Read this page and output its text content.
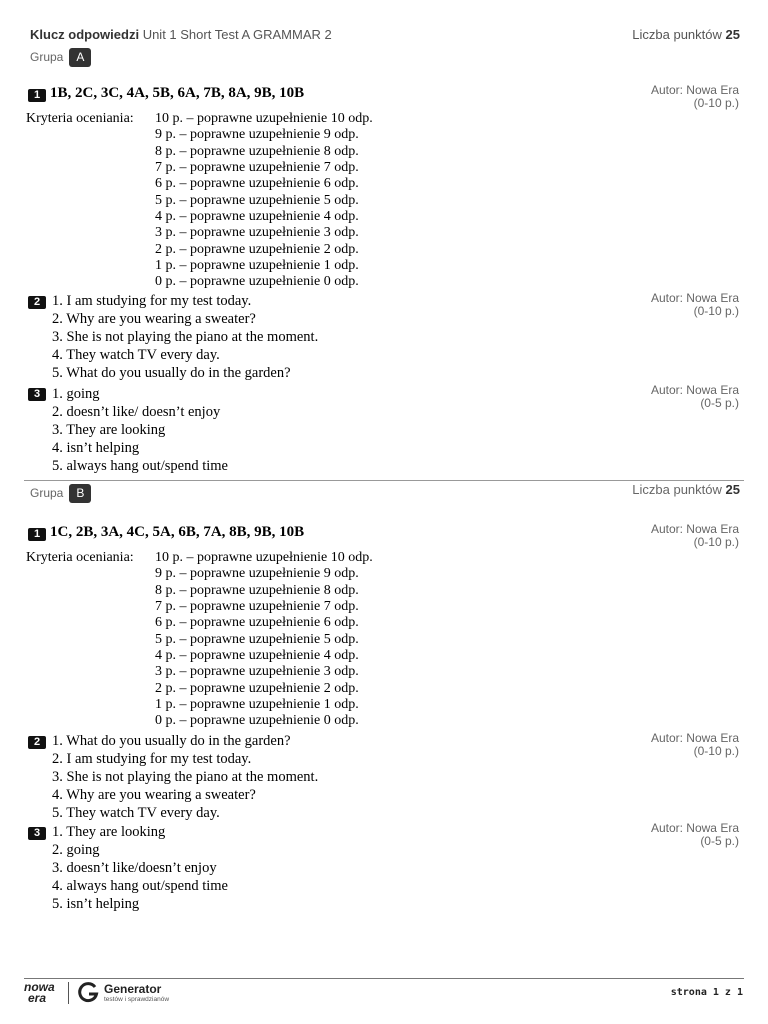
Klucz odpowiedzi Unit 1 Short Test A GRAMMAR 2	Liczba punktów 25
Grupa A
1 1B, 2C, 3C, 4A, 5B, 6A, 7B, 8A, 9B, 10B	Autor: Nowa Era
(0-10 p.)
Kryteria oceniania: 10 p. – poprawne uzupełnienie 10 odp.
9 p. – poprawne uzupełnienie 9 odp.
8 p. – poprawne uzupełnienie 8 odp.
7 p. – poprawne uzupełnienie 7 odp.
6 p. – poprawne uzupełnienie 6 odp.
5 p. – poprawne uzupełnienie 5 odp.
4 p. – poprawne uzupełnienie 4 odp.
3 p. – poprawne uzupełnienie 3 odp.
2 p. – poprawne uzupełnienie 2 odp.
1 p. – poprawne uzupełnienie 1 odp.
0 p. – poprawne uzupełnienie 0 odp.
2	Autor: Nowa Era
(0-10 p.)
1. I am studying for my test today.
2. Why are you wearing a sweater?
3. She is not playing the piano at the moment.
4. They watch TV every day.
5. What do you usually do in the garden?
3	Autor: Nowa Era
(0-5 p.)
1. going
2. doesn’t like/ doesn’t enjoy
3. They are looking
4. isn’t helping
5. always hang out/spend time
Grupa B	Liczba punktów 25
1 1C, 2B, 3A, 4C, 5A, 6B, 7A, 8B, 9B, 10B	Autor: Nowa Era
(0-10 p.)
Kryteria oceniania: 10 p. – poprawne uzupełnienie 10 odp.
9 p. – poprawne uzupełnienie 9 odp.
8 p. – poprawne uzupełnienie 8 odp.
7 p. – poprawne uzupełnienie 7 odp.
6 p. – poprawne uzupełnienie 6 odp.
5 p. – poprawne uzupełnienie 5 odp.
4 p. – poprawne uzupełnienie 4 odp.
3 p. – poprawne uzupełnienie 3 odp.
2 p. – poprawne uzupełnienie 2 odp.
1 p. – poprawne uzupełnienie 1 odp.
0 p. – poprawne uzupełnienie 0 odp.
2	Autor: Nowa Era
(0-10 p.)
1. What do you usually do in the garden?
2. I am studying for my test today.
3. She is not playing the piano at the moment.
4. Why are you wearing a sweater?
5. They watch TV every day.
3	Autor: Nowa Era
(0-5 p.)
1. They are looking
2. going
3. doesn’t like/doesn’t enjoy
4. always hang out/spend time
5. isn’t helping
nowa
era
Generator
testów i sprawdzianów
strona 1 z 1
